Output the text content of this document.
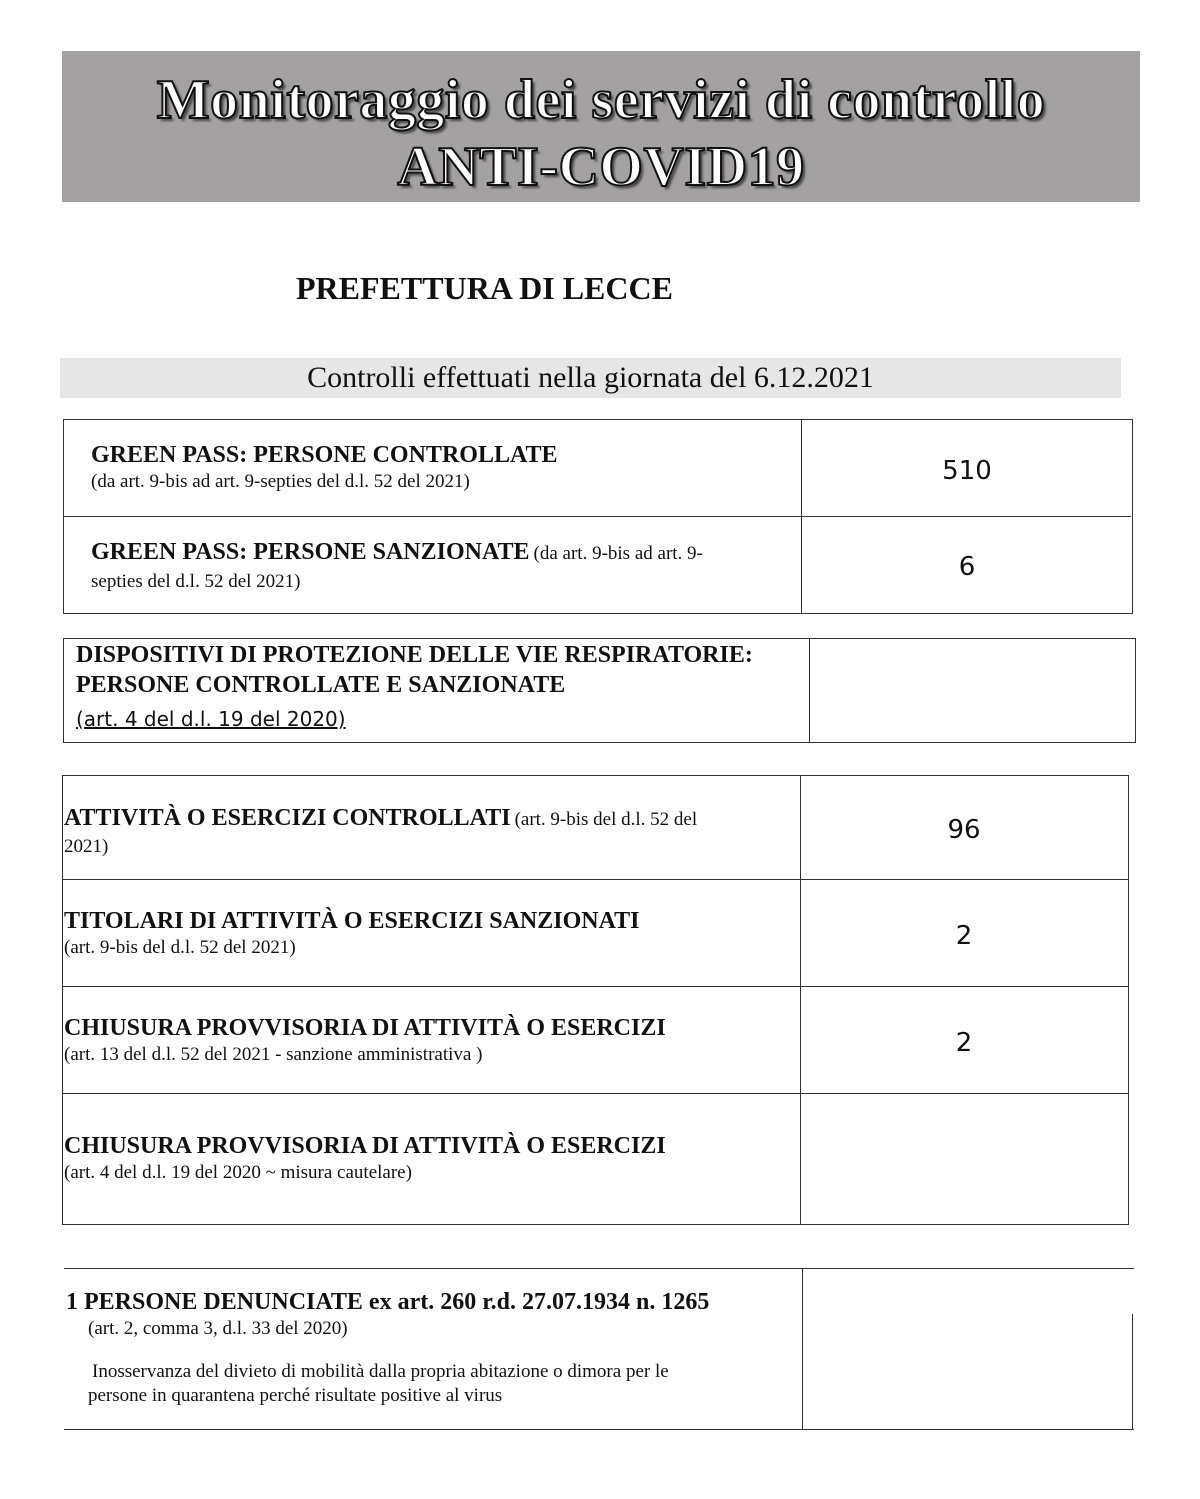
Monitoraggio dei servizi di controllo
ANTI-COVID19
PREFETTURA DI LECCE
Controlli effettuati nella giornata del 6.12.2021
GREEN PASS: PERSONE CONTROLLATE
(da art. 9-bis ad art. 9-septies del d.l. 52 del 2021)	510
GREEN PASS: PERSONE SANZIONATE (da art. 9-bis ad art. 9-
septies del d.l. 52 del 2021)	6
DISPOSITIVI DI PROTEZIONE DELLE VIE RESPIRATORIE:
PERSONE CONTROLLATE E SANZIONATE
(art. 4 del d.l. 19 del 2020)
ATTIVITÀ O ESERCIZI CONTROLLATI (art. 9-bis del d.l. 52 del
2021)
96
TITOLARI DI ATTIVITÀ O ESERCIZI SANZIONATI
(art. 9-bis del d.l. 52 del 2021)	2
CHIUSURA PROVVISORIA DI ATTIVITÀ O ESERCIZI
(art. 13 del d.l. 52 del 2021 - sanzione amministrativa )	2
CHIUSURA PROVVISORIA DI ATTIVITÀ O ESERCIZI
(art. 4 del d.l. 19 del 2020 ~ misura cautelare)
1 PERSONE DENUNCIATE ex art. 260 r.d. 27.07.1934 n. 1265
(art. 2, comma 3, d.l. 33 del 2020)
Inosservanza del divieto di mobilità dalla propria abitazione o dimora per le
persone in quarantena perché risultate positive al virus
